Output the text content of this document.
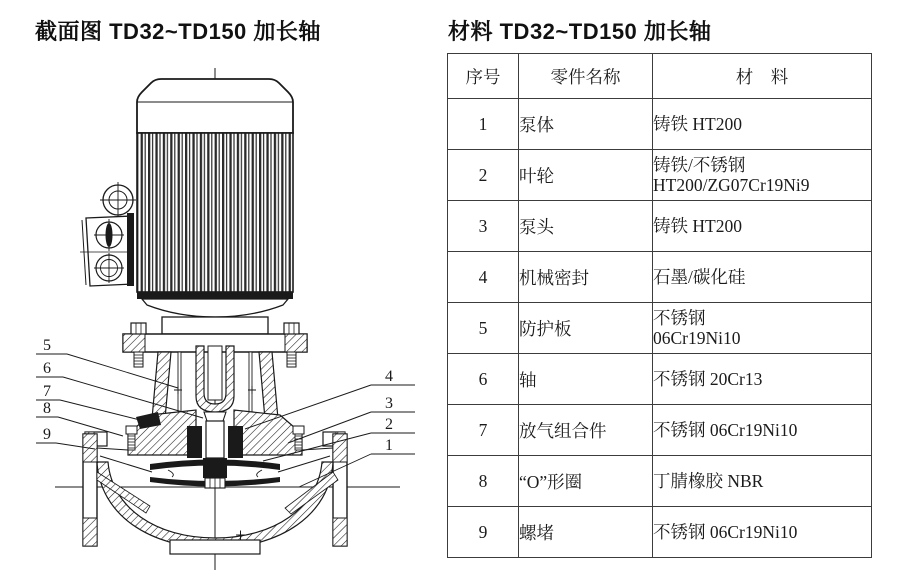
截面图 TD32~TD150 加长轴	材料 TD32~TD150 加长轴
5
6
7
8
9
4
3
2
1
序号	零件名称	材　料
1	泵体	铸铁 HT200

2	叶轮	铸铁/不锈钢
HT200/ZG07Cr19Ni9

3	泵头	铸铁 HT200

4	机械密封	石墨/碳化硅

5	防护板	不锈钢
06Cr19Ni10

6	轴	不锈钢 20Cr13

7	放气组合件	不锈钢 06Cr19Ni10

8	“O”形圈	丁腈橡胶 NBR

9	螺堵	不锈钢 06Cr19Ni10
